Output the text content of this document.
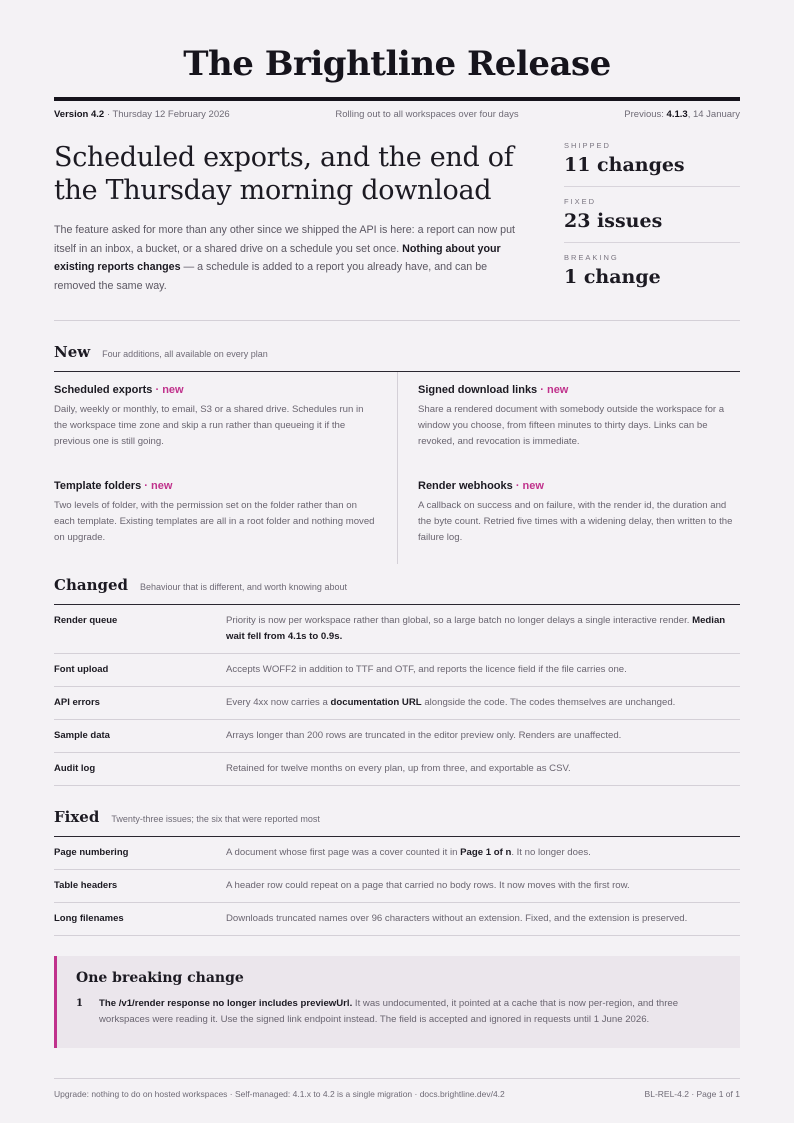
The Brightline Release
Version 4.2 · Thursday 12 February 2026	Rolling out to all workspaces over four days	Previous: 4.1.3, 14 January
Scheduled exports, and the end of the Thursday morning download

The feature asked for more than any other since we shipped the API is here: a report can now put itself in an inbox, a bucket, or a shared drive on a schedule you set once. Nothing about your existing reports changes — a schedule is added to a report you already have, and can be removed the same way.

SHIPPED
11 changes
FIXED
23 issues
BREAKING
1 change
New Four additions, all available on every plan
Scheduled exports · new

Daily, weekly or monthly, to email, S3 or a shared drive. Schedules run in the workspace time zone and skip a run rather than queueing it if the previous one is still going.

Signed download links · new

Share a rendered document with somebody outside the workspace for a window you choose, from fifteen minutes to thirty days. Links can be revoked, and revocation is immediate.

Template folders · new

Two levels of folder, with the permission set on the folder rather than on each template. Existing templates are all in a root folder and nothing moved on upgrade.

Render webhooks · new

A callback on success and on failure, with the render id, the duration and the byte count. Retried five times with a widening delay, then written to the failure log.

Changed Behaviour that is different, and worth knowing about
Render queue	Priority is now per workspace rather than global, so a large batch no longer delays a single interactive render. Median wait fell from 4.1s to 0.9s.
Font upload	Accepts WOFF2 in addition to TTF and OTF, and reports the licence field if the file carries one.
API errors	Every 4xx now carries a documentation URL alongside the code. The codes themselves are unchanged.
Sample data	Arrays longer than 200 rows are truncated in the editor preview only. Renders are unaffected.
Audit log	Retained for twelve months on every plan, up from three, and exportable as CSV.
Fixed Twenty-three issues; the six that were reported most
Page numbering	A document whose first page was a cover counted it in Page 1 of n. It no longer does.
Table headers	A header row could repeat on a page that carried no body rows. It now moves with the first row.
Long filenames	Downloads truncated names over 96 characters without an extension. Fixed, and the extension is preserved.
One breaking change
1	The /v1/render response no longer includes previewUrl. It was undocumented, it pointed at a cache that is now per-region, and three workspaces were reading it. Use the signed link endpoint instead. The field is accepted and ignored in requests until 1 June 2026.

Upgrade: nothing to do on hosted workspaces · Self-managed: 4.1.x to 4.2 is a single migration · docs.brightline.dev/4.2	BL-REL-4.2 · Page 1 of 1
